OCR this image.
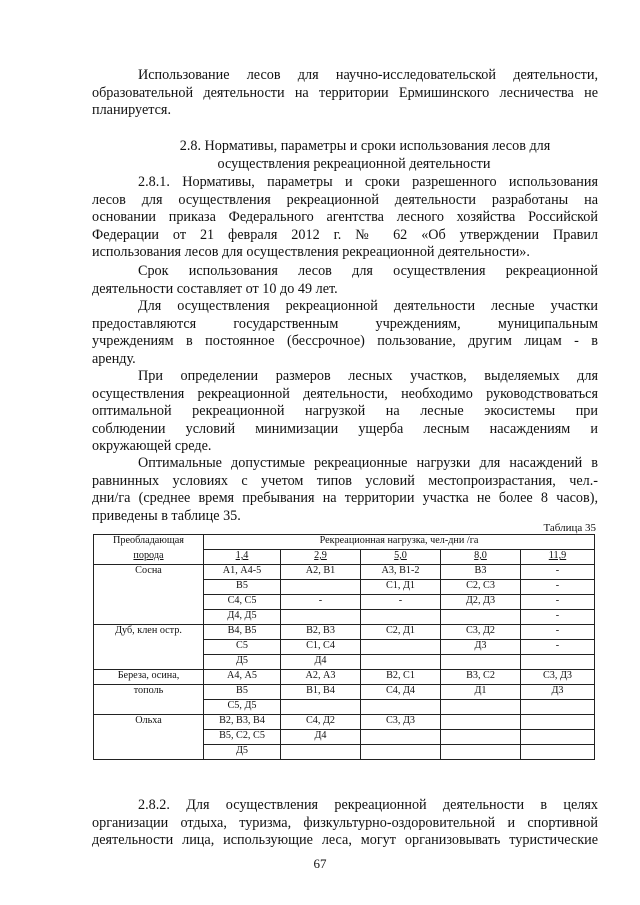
Использование лесов для научно-исследовательской деятельности,
образовательной деятельности на территории Ермишинского лесничества не
планируется.
2.8. Нормативы, параметры и сроки использования лесов для
осуществления рекреационной деятельности
2.8.1. Нормативы, параметры и сроки разрешенного использования
лесов для осуществления рекреационной деятельности разработаны на
основании приказа Федерального агентства лесного хозяйства Российской
Федерации от 21 февраля 2012 г. № 62 «Об утверждении Правил
использования лесов для осуществления рекреационной деятельности».
Срок использования лесов для осуществления рекреационной
деятельности составляет от 10 до 49 лет.
Для осуществления рекреационной деятельности лесные участки
предоставляются государственным учреждениям, муниципальным
учреждениям в постоянное (бессрочное) пользование, другим лицам - в
аренду.
При определении размеров лесных участков, выделяемых для
осуществления рекреационной деятельности, необходимо руководствоваться
оптимальной рекреационной нагрузкой на лесные экосистемы при
соблюдении условий минимизации ущерба лесным насаждениям и
окружающей среде.
Оптимальные допустимые рекреационные нагрузки для насаждений в
равнинных условиях с учетом типов условий местопроизрастания, чел.-
дни/га (среднее время пребывания на территории участка не более 8 часов),
приведены в таблице 35.
Таблица 35
Преобладающая	Рекреационная нагрузка, чел-дни /га				
порода	1,4	2,9	5,0	8,0	11,9
Сосна	А1, А4-5	А2, В1	А3, В1-2	В3	-
	В5		С1, Д1	С2, С3	-
	С4, С5	-	-	Д2, Д3	-
	Д4, Д5				-
Дуб, клен остр.	В4, В5	В2, В3	С2, Д1	С3, Д2	-
	С5	С1, С4		Д3	-
	Д5	Д4			
Береза, осина,	А4, А5	А2, А3	В2, С1	В3, С2	С3, Д3
тополь	В5	В1, В4	С4, Д4	Д1	Д3
	С5, Д5				
Ольха	В2, В3, В4	С4, Д2	С3, Д3		
	В5, С2, С5	Д4			
	Д5				
2.8.2. Для осуществления рекреационной деятельности в целях
организации отдыха, туризма, физкультурно-оздоровительной и спортивной
деятельности лица, использующие леса, могут организовывать туристические
67
